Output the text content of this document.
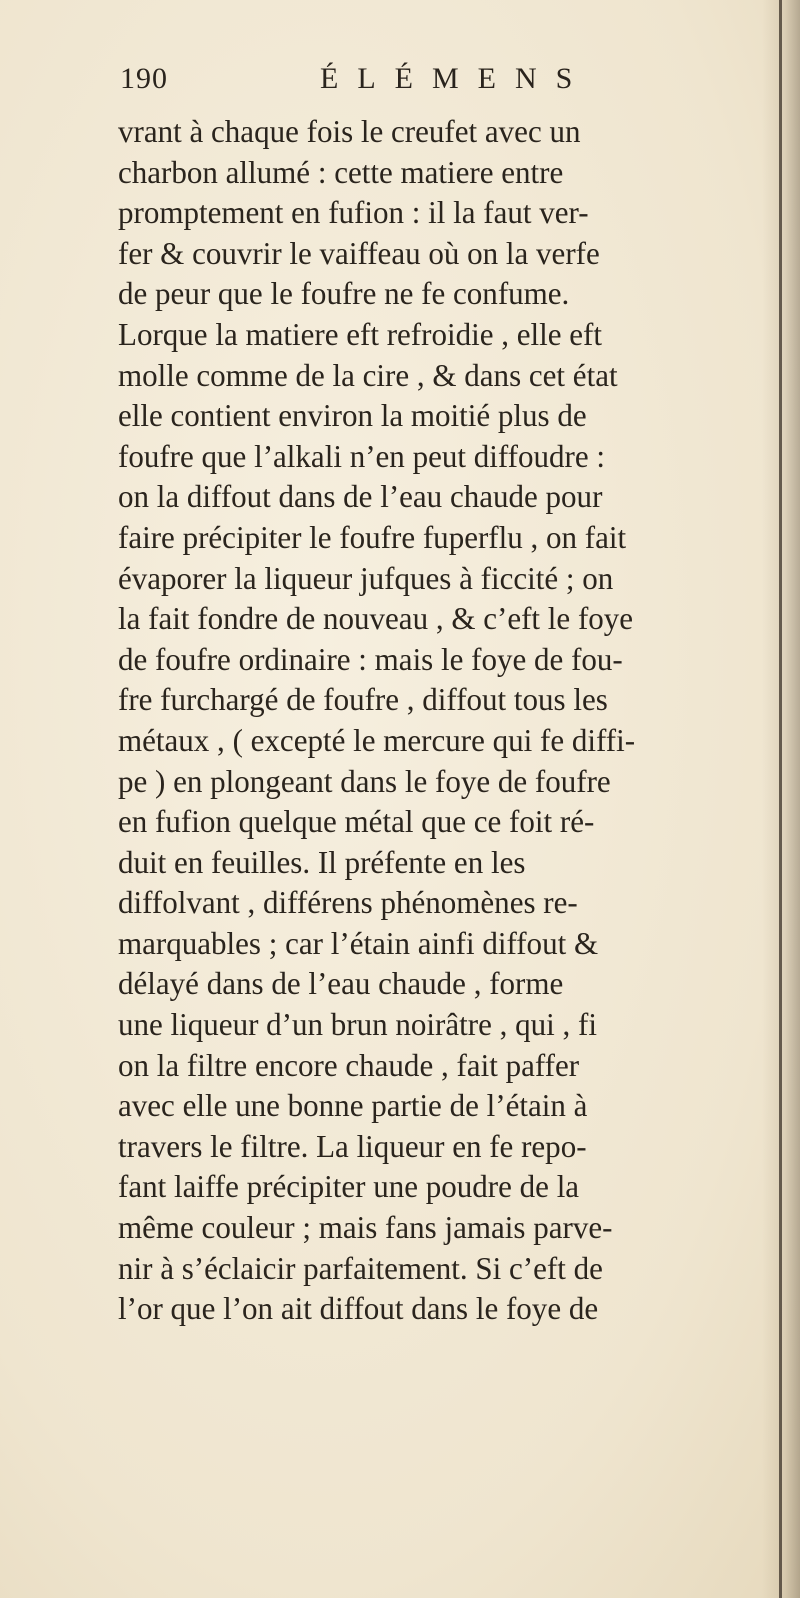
190	ÉLÉMENS
vrant à chaque fois le creufet avec un
charbon allumé : cette matiere entre
promptement en fufion : il la faut ver-
fer & couvrir le vaiffeau où on la verfe
de peur que le foufre ne fe confume.
Lorque la matiere eft refroidie , elle eft
molle comme de la cire , & dans cet état
elle contient environ la moitié plus de
foufre que l’alkali n’en peut diffoudre :
on la diffout dans de l’eau chaude pour
faire précipiter le foufre fuperflu , on fait
évaporer la liqueur jufques à ficcité ; on
la fait fondre de nouveau , & c’eft le foye
de foufre ordinaire : mais le foye de fou-
fre furchargé de foufre , diffout tous les
métaux , ( excepté le mercure qui fe diffi-
pe ) en plongeant dans le foye de foufre
en fufion quelque métal que ce foit ré-
duit en feuilles. Il préfente en les
diffolvant , différens phénomènes re-
marquables ; car l’étain ainfi diffout &
délayé dans de l’eau chaude , forme
une liqueur d’un brun noirâtre , qui , fi
on la filtre encore chaude , fait paffer
avec elle une bonne partie de l’étain à
travers le filtre. La liqueur en fe repo-
fant laiffe précipiter une poudre de la
même couleur ; mais fans jamais parve-
nir à s’éclaicir parfaitement. Si c’eft de
l’or que l’on ait diffout dans le foye de
